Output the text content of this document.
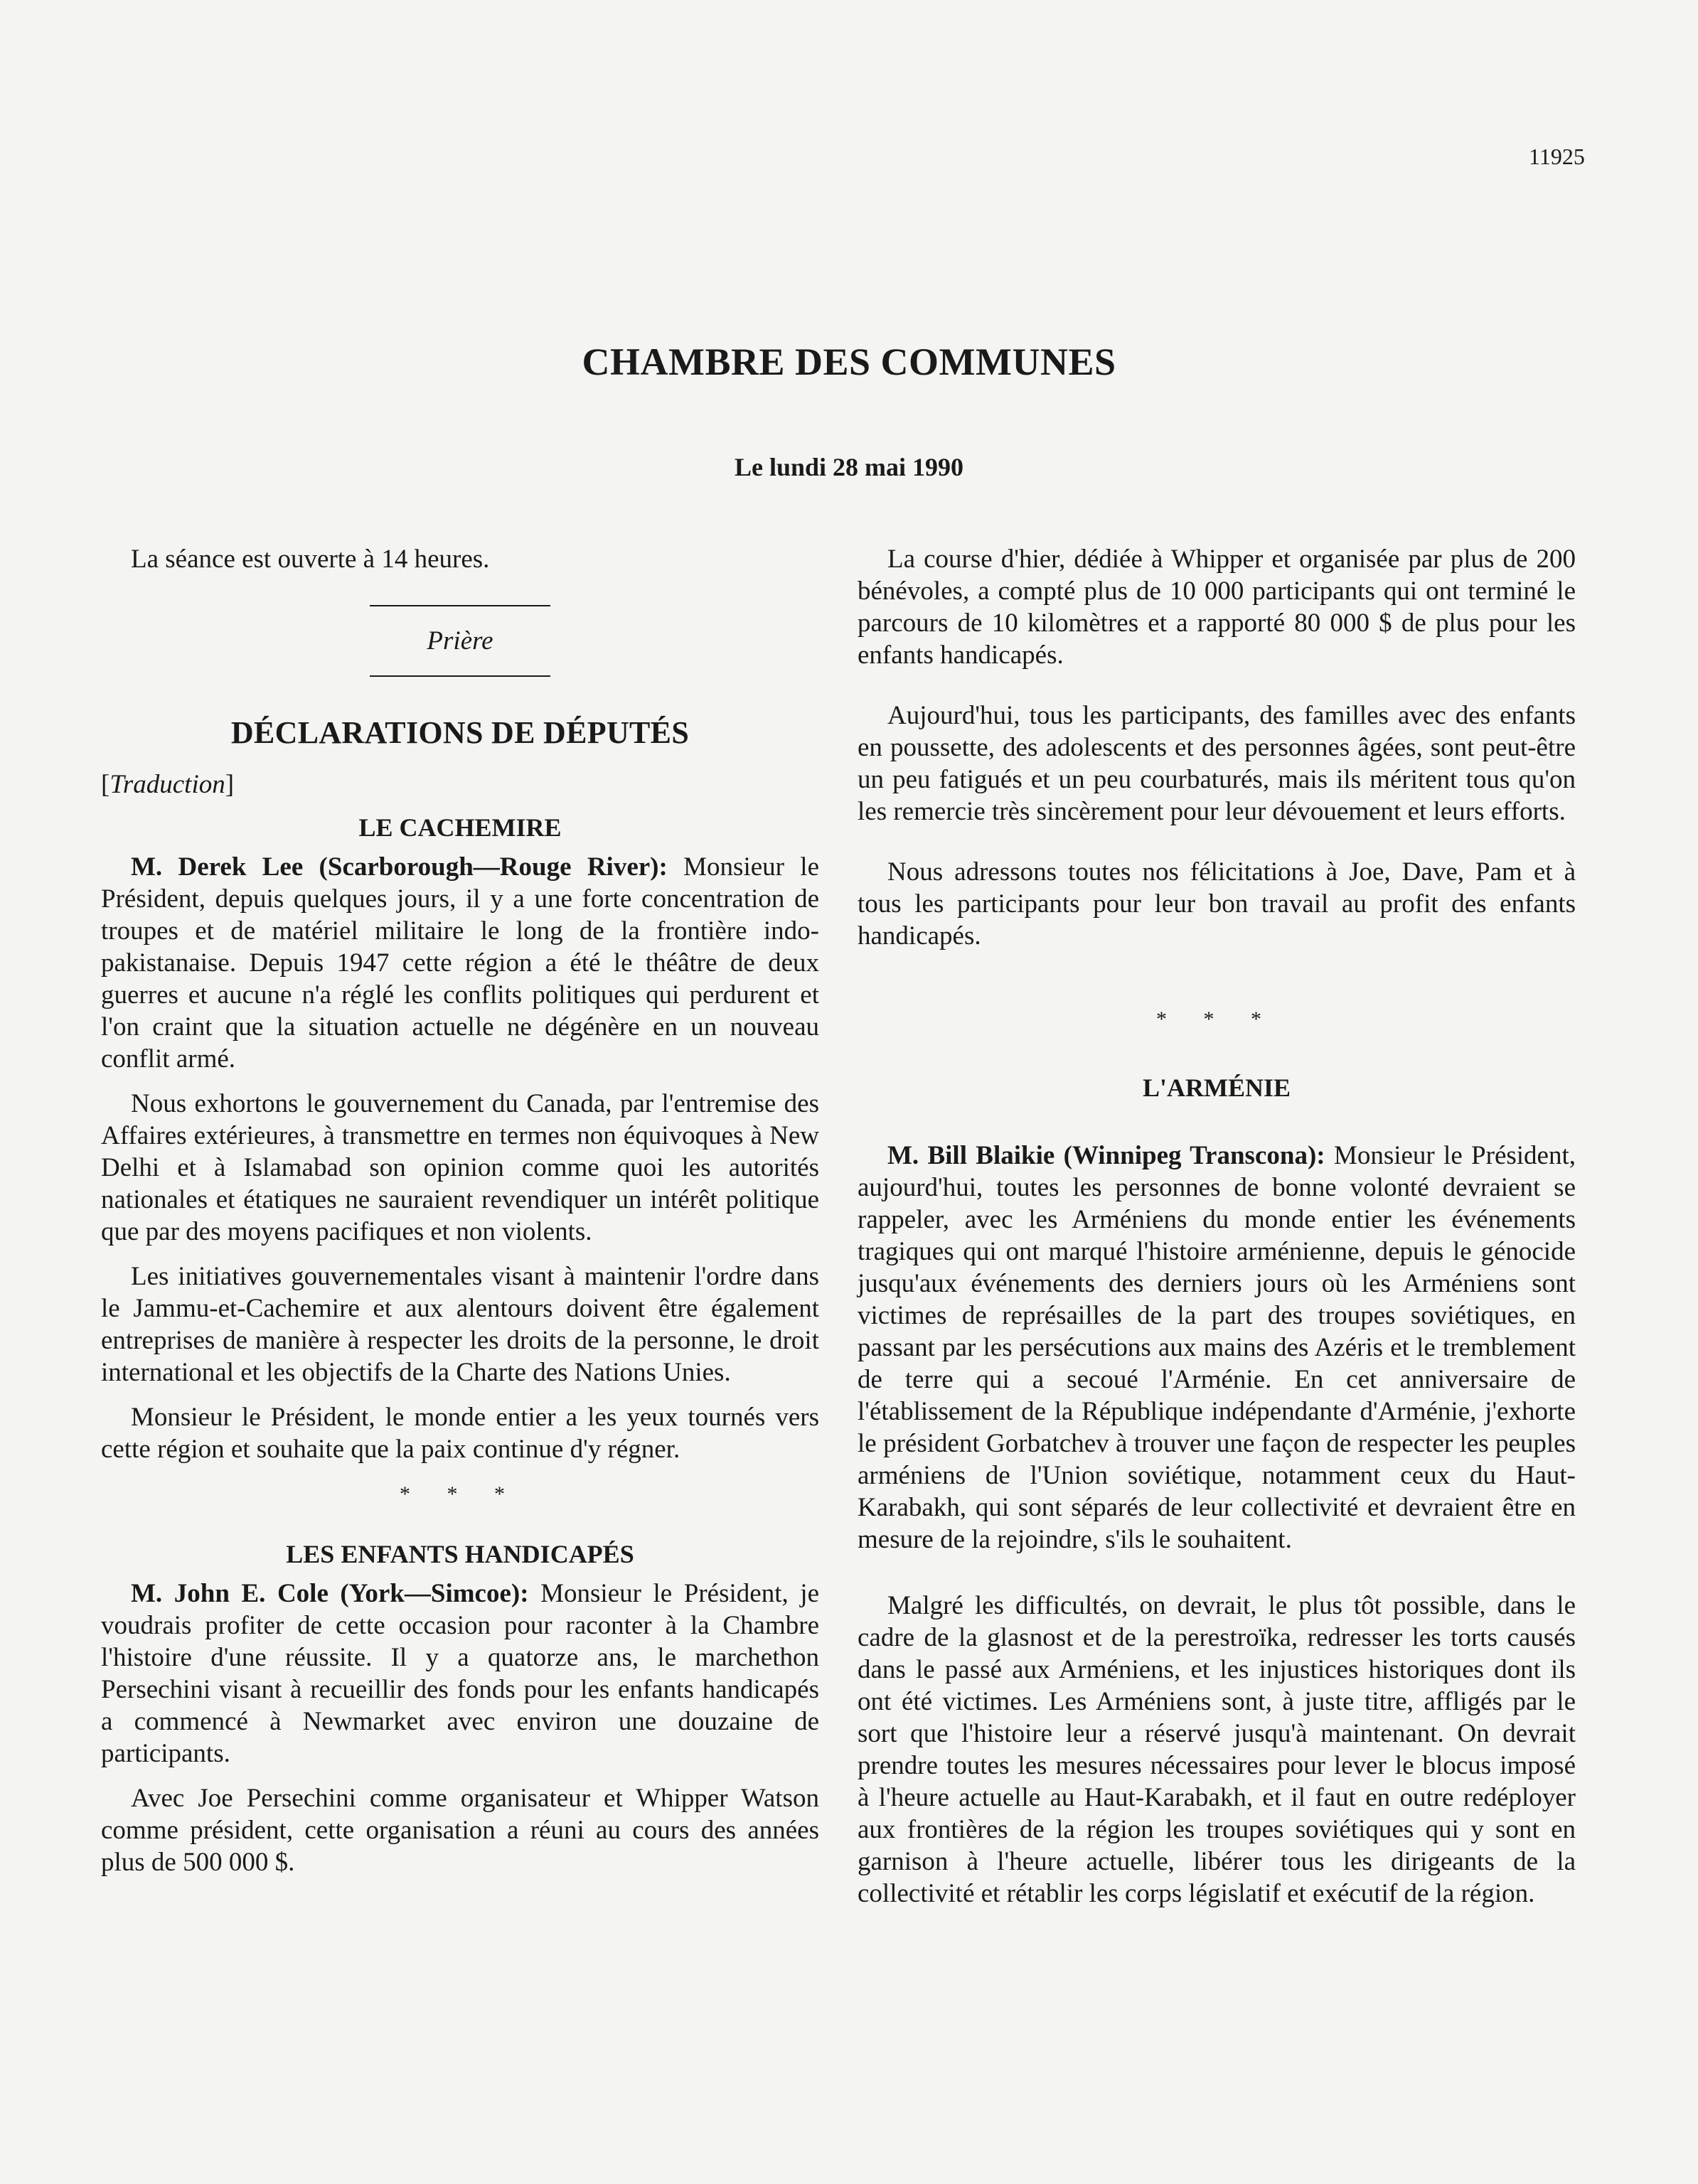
11925
CHAMBRE DES COMMUNES
Le lundi 28 mai 1990

La séance est ouverte à 14 heures.

Prière
DÉCLARATIONS DE DÉPUTÉS
[Traduction]
LE CACHEMIRE

M. Derek Lee (Scarborough—Rouge River): Monsieur le Président, depuis quelques jours, il y a une forte concentration de troupes et de matériel militaire le long de la frontière indo-pakistanaise. Depuis 1947 cette région a été le théâtre de deux guerres et aucune n'a réglé les conflits politiques qui perdurent et l'on craint que la situation actuelle ne dégénère en un nouveau conflit armé.

Nous exhortons le gouvernement du Canada, par l'entremise des Affaires extérieures, à transmettre en termes non équivoques à New Delhi et à Islamabad son opinion comme quoi les autorités nationales et étatiques ne sauraient revendiquer un intérêt politique que par des moyens pacifiques et non violents.

Les initiatives gouvernementales visant à maintenir l'ordre dans le Jammu-et-Cachemire et aux alentours doivent être également entreprises de manière à respecter les droits de la personne, le droit international et les objectifs de la Charte des Nations Unies.

Monsieur le Président, le monde entier a les yeux tournés vers cette région et souhaite que la paix continue d'y régner.

* * *
LES ENFANTS HANDICAPÉS

M. John E. Cole (York—Simcoe): Monsieur le Président, je voudrais profiter de cette occasion pour raconter à la Chambre l'histoire d'une réussite. Il y a quatorze ans, le marchethon Persechini visant à recueillir des fonds pour les enfants handicapés a commencé à Newmarket avec environ une douzaine de participants.

Avec Joe Persechini comme organisateur et Whipper Watson comme président, cette organisation a réuni au cours des années plus de 500 000 $.

La course d'hier, dédiée à Whipper et organisée par plus de 200 bénévoles, a compté plus de 10 000 participants qui ont terminé le parcours de 10 kilomètres et a rapporté 80 000 $ de plus pour les enfants handicapés.

Aujourd'hui, tous les participants, des familles avec des enfants en poussette, des adolescents et des personnes âgées, sont peut-être un peu fatigués et un peu courbaturés, mais ils méritent tous qu'on les remercie très sincèrement pour leur dévouement et leurs efforts.

Nous adressons toutes nos félicitations à Joe, Dave, Pam et à tous les participants pour leur bon travail au profit des enfants handicapés.

* * *
L'ARMÉNIE

M. Bill Blaikie (Winnipeg Transcona): Monsieur le Président, aujourd'hui, toutes les personnes de bonne volonté devraient se rappeler, avec les Arméniens du monde entier les événements tragiques qui ont marqué l'histoire arménienne, depuis le génocide jusqu'aux événements des derniers jours où les Arméniens sont victimes de représailles de la part des troupes soviétiques, en passant par les persécutions aux mains des Azéris et le tremblement de terre qui a secoué l'Arménie. En cet anniversaire de l'établissement de la République indépendante d'Arménie, j'exhorte le président Gorbatchev à trouver une façon de respecter les peuples arméniens de l'Union soviétique, notamment ceux du Haut-Karabakh, qui sont séparés de leur collectivité et devraient être en mesure de la rejoindre, s'ils le souhaitent.

Malgré les difficultés, on devrait, le plus tôt possible, dans le cadre de la glasnost et de la perestroïka, redresser les torts causés dans le passé aux Arméniens, et les injustices historiques dont ils ont été victimes. Les Arméniens sont, à juste titre, affligés par le sort que l'histoire leur a réservé jusqu'à maintenant. On devrait prendre toutes les mesures nécessaires pour lever le blocus imposé à l'heure actuelle au Haut-Karabakh, et il faut en outre redéployer aux frontières de la région les troupes soviétiques qui y sont en garnison à l'heure actuelle, libérer tous les dirigeants de la collectivité et rétablir les corps législatif et exécutif de la région.
